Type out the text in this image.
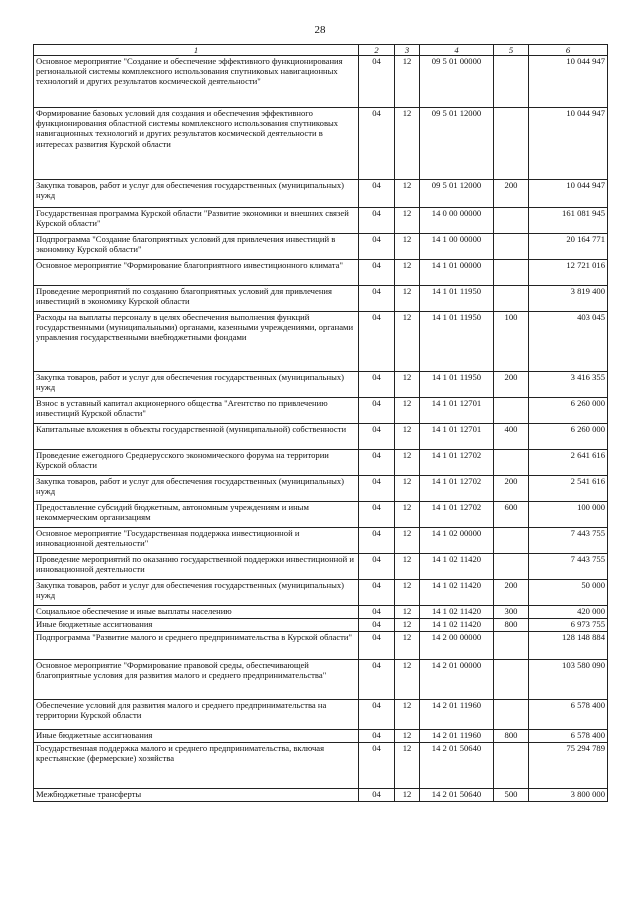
28
1	2	3	4	5	6
Основное мероприятие "Создание и обеспечение эффективного функционирования региональной системы комплексного использования спутниковых навигационных технологий и других результатов космической деятельности"	04	12	09 5 01 00000		10 044 947
Формирование базовых условий для создания и обеспечения эффективного функционирования областной системы комплексного использования спутниковых навигационных технологий и других результатов космической деятельности в интересах развития Курской области	04	12	09 5 01 12000		10 044 947
Закупка товаров, работ и услуг для обеспечения государственных (муниципальных) нужд	04	12	09 5 01 12000	200	10 044 947
Государственная программа Курской области "Развитие экономики и внешних связей Курской области"	04	12	14 0 00 00000		161 081 945
Подпрограмма "Создание благоприятных условий для привлечения инвестиций в экономику Курской области"	04	12	14 1 00 00000		20 164 771
Основное мероприятие "Формирование благоприятного инвестиционного климата"	04	12	14 1 01 00000		12 721 016
Проведение мероприятий по созданию благоприятных условий для привлечения инвестиций в экономику Курской области	04	12	14 1 01 11950		3 819 400
Расходы на выплаты персоналу в целях обеспечения выполнения функций государственными (муниципальными) органами, казенными учреждениями, органами управления государственными внебюджетными фондами	04	12	14 1 01 11950	100	403 045
Закупка товаров, работ и услуг для обеспечения государственных (муниципальных) нужд	04	12	14 1 01 11950	200	3 416 355
Взнос в уставный капитал акционерного общества "Агентство по привлечению инвестиций Курской области"	04	12	14 1 01 12701		6 260 000
Капитальные вложения в объекты государственной (муниципальной) собственности	04	12	14 1 01 12701	400	6 260 000
Проведение ежегодного Среднерусского экономического форума на территории Курской области	04	12	14 1 01 12702		2 641 616
Закупка товаров, работ и услуг для обеспечения государственных (муниципальных) нужд	04	12	14 1 01 12702	200	2 541 616
Предоставление субсидий бюджетным, автономным учреждениям и иным некоммерческим организациям	04	12	14 1 01 12702	600	100 000
Основное мероприятие "Государственная поддержка инвестиционной и инновационной деятельности"	04	12	14 1 02 00000		7 443 755
Проведение мероприятий по оказанию государственной поддержки инвестиционной и инновационной деятельности	04	12	14 1 02 11420		7 443 755
Закупка товаров, работ и услуг для обеспечения государственных (муниципальных) нужд	04	12	14 1 02 11420	200	50 000
Социальное обеспечение и иные выплаты населению	04	12	14 1 02 11420	300	420 000
Иные бюджетные ассигнования	04	12	14 1 02 11420	800	6 973 755
Подпрограмма "Развитие малого и среднего предпринимательства в Курской области"	04	12	14 2 00 00000		128 148 884
Основное мероприятие "Формирование правовой среды, обеспечивающей благоприятные условия для развития малого и среднего предпринимательства"	04	12	14 2 01 00000		103 580 090
Обеспечение условий для развития малого и среднего предпринимательства на территории Курской области	04	12	14 2 01 11960		6 578 400
Иные бюджетные ассигнования	04	12	14 2 01 11960	800	6 578 400
Государственная поддержка малого и среднего предпринимательства, включая крестьянские (фермерские) хозяйства	04	12	14 2 01 50640		75 294 789
Межбюджетные трансферты	04	12	14 2 01 50640	500	3 800 000
